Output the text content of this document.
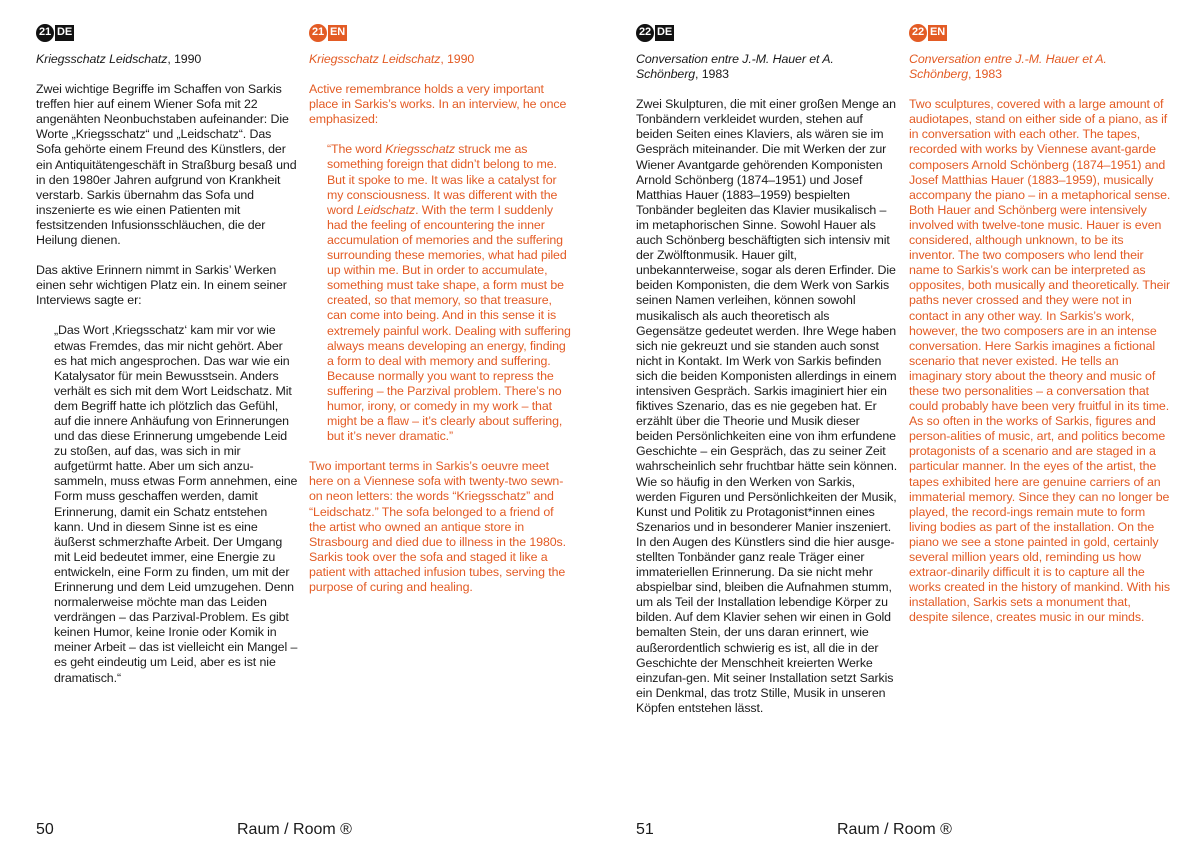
21 DE
Kriegsschatz Leidschatz, 1990

Zwei wichtige Begriffe im Schaffen von Sarkis treffen hier auf einem Wiener Sofa mit 22 angenähten Neonbuchstaben aufeinander: Die Worte „Kriegsschatz“ und „Leidschatz“. Das Sofa gehörte einem Freund des Künstlers, der ein Antiquitätengeschäft in Straßburg besaß und in den 1980er Jahren aufgrund von Krankheit verstarb. Sarkis übernahm das Sofa und inszenierte es wie einen Patienten mit festsitzenden Infusionsschläuchen, die der Heilung dienen.

Das aktive Erinnern nimmt in Sarkis’ Werken einen sehr wichtigen Platz ein. In einem seiner Interviews sagte er:

„Das Wort ‚Kriegsschatz‘ kam mir vor wie etwas Fremdes, das mir nicht gehört. Aber es hat mich angesprochen. Das war wie ein Katalysator für mein Bewusstsein. Anders verhält es sich mit dem Wort Leidschatz. Mit dem Begriff hatte ich plötzlich das Gefühl, auf die innere Anhäufung von Erinnerungen und das diese Erinnerung umgebende Leid zu stoßen, auf das, was sich in mir aufgetürmt hatte. Aber um sich anzu-sammeln, muss etwas Form annehmen, eine Form muss geschaffen werden, damit Erinnerung, damit ein Schatz entstehen kann. Und in diesem Sinne ist es eine äußerst schmerzhafte Arbeit. Der Umgang mit Leid bedeutet immer, eine Energie zu entwickeln, eine Form zu finden, um mit der Erinnerung und dem Leid umzugehen. Denn normalerweise möchte man das Leiden verdrängen – das Parzival-Problem. Es gibt keinen Humor, keine Ironie oder Komik in meiner Arbeit – das ist vielleicht ein Mangel – es geht eindeutig um Leid, aber es ist nie dramatisch.“

21 EN
Kriegsschatz Leidschatz, 1990

Active remembrance holds a very important place in Sarkis’s works. In an interview, he once emphasized:

“The word Kriegsschatz struck me as something foreign that didn’t belong to me. But it spoke to me. It was like a catalyst for my consciousness. It was different with the word Leidschatz. With the term I suddenly had the feeling of encountering the inner accumulation of memories and the suffering surrounding these memories, what had piled up within me. But in order to accumulate, something must take shape, a form must be created, so that memory, so that treasure, can come into being. And in this sense it is extremely painful work. Dealing with suffering always means developing an energy, finding a form to deal with memory and suffering. Because normally you want to repress the suffering – the Parzival problem. There’s no humor, irony, or comedy in my work – that might be a flaw – it’s clearly about suffering, but it’s never dramatic.”

Two important terms in Sarkis’s oeuvre meet here on a Viennese sofa with twenty-two sewn-on neon letters: the words “Kriegsschatz” and “Leidschatz.” The sofa belonged to a friend of the artist who owned an antique store in Strasbourg and died due to illness in the 1980s. Sarkis took over the sofa and staged it like a patient with attached infusion tubes, serving the purpose of curing and healing.

22 DE
Conversation entre J.-M. Hauer et A. Schönberg, 1983

Zwei Skulpturen, die mit einer großen Menge an Tonbändern verkleidet wurden, stehen auf beiden Seiten eines Klaviers, als wären sie im Gespräch miteinander. Die mit Werken der zur Wiener Avantgarde gehörenden Komponisten Arnold Schönberg (1874–1951) und Josef Matthias Hauer (1883–1959) bespielten Tonbänder begleiten das Klavier musikalisch – im metaphorischen Sinne. Sowohl Hauer als auch Schönberg beschäftigten sich intensiv mit der Zwölftonmusik. Hauer gilt, unbekannterweise, sogar als deren Erfinder. Die beiden Komponisten, die dem Werk von Sarkis seinen Namen verleihen, können sowohl musikalisch als auch theoretisch als Gegensätze gedeutet werden. Ihre Wege haben sich nie gekreuzt und sie standen auch sonst nicht in Kontakt. Im Werk von Sarkis befinden sich die beiden Komponisten allerdings in einem intensiven Gespräch. Sarkis imaginiert hier ein fiktives Szenario, das es nie gegeben hat. Er erzählt über die Theorie und Musik dieser beiden Persönlichkeiten eine von ihm erfundene Geschichte – ein Gespräch, das zu seiner Zeit wahrscheinlich sehr fruchtbar hätte sein können. Wie so häufig in den Werken von Sarkis, werden Figuren und Persönlichkeiten der Musik, Kunst und Politik zu Protagonist*innen eines Szenarios und in besonderer Manier inszeniert. In den Augen des Künstlers sind die hier ausge-stellten Tonbänder ganz reale Träger einer immateriellen Erinnerung. Da sie nicht mehr abspielbar sind, bleiben die Aufnahmen stumm, um als Teil der Installation lebendige Körper zu bilden. Auf dem Klavier sehen wir einen in Gold bemalten Stein, der uns daran erinnert, wie außerordentlich schwierig es ist, all die in der Geschichte der Menschheit kreierten Werke einzufan-gen. Mit seiner Installation setzt Sarkis ein Denkmal, das trotz Stille, Musik in unseren Köpfen entstehen lässt.

22 EN
Conversation entre J.-M. Hauer et A. Schönberg, 1983

Two sculptures, covered with a large amount of audiotapes, stand on either side of a piano, as if in conversation with each other. The tapes, recorded with works by Viennese avant-garde composers Arnold Schönberg (1874–1951) and Josef Matthias Hauer (1883–1959), musically accompany the piano – in a metaphorical sense. Both Hauer and Schönberg were intensively involved with twelve-tone music. Hauer is even considered, although unknown, to be its inventor. The two composers who lend their name to Sarkis’s work can be interpreted as opposites, both musically and theoretically. Their paths never crossed and they were not in contact in any other way. In Sarkis’s work, however, the two composers are in an intense conversation. Here Sarkis imagines a fictional scenario that never existed. He tells an imaginary story about the theory and music of these two personalities – a conversation that could probably have been very fruitful in its time. As so often in the works of Sarkis, figures and person-alities of music, art, and politics become protagonists of a scenario and are staged in a particular manner. In the eyes of the artist, the tapes exhibited here are genuine carriers of an immaterial memory. Since they can no longer be played, the record-ings remain mute to form living bodies as part of the installation. On the piano we see a stone painted in gold, certainly several million years old, reminding us how extraor-dinarily difficult it is to capture all the works created in the history of mankind. With his installation, Sarkis sets a monument that, despite silence, creates music in our minds.

50	Raum / Room ®	51	Raum / Room ®
